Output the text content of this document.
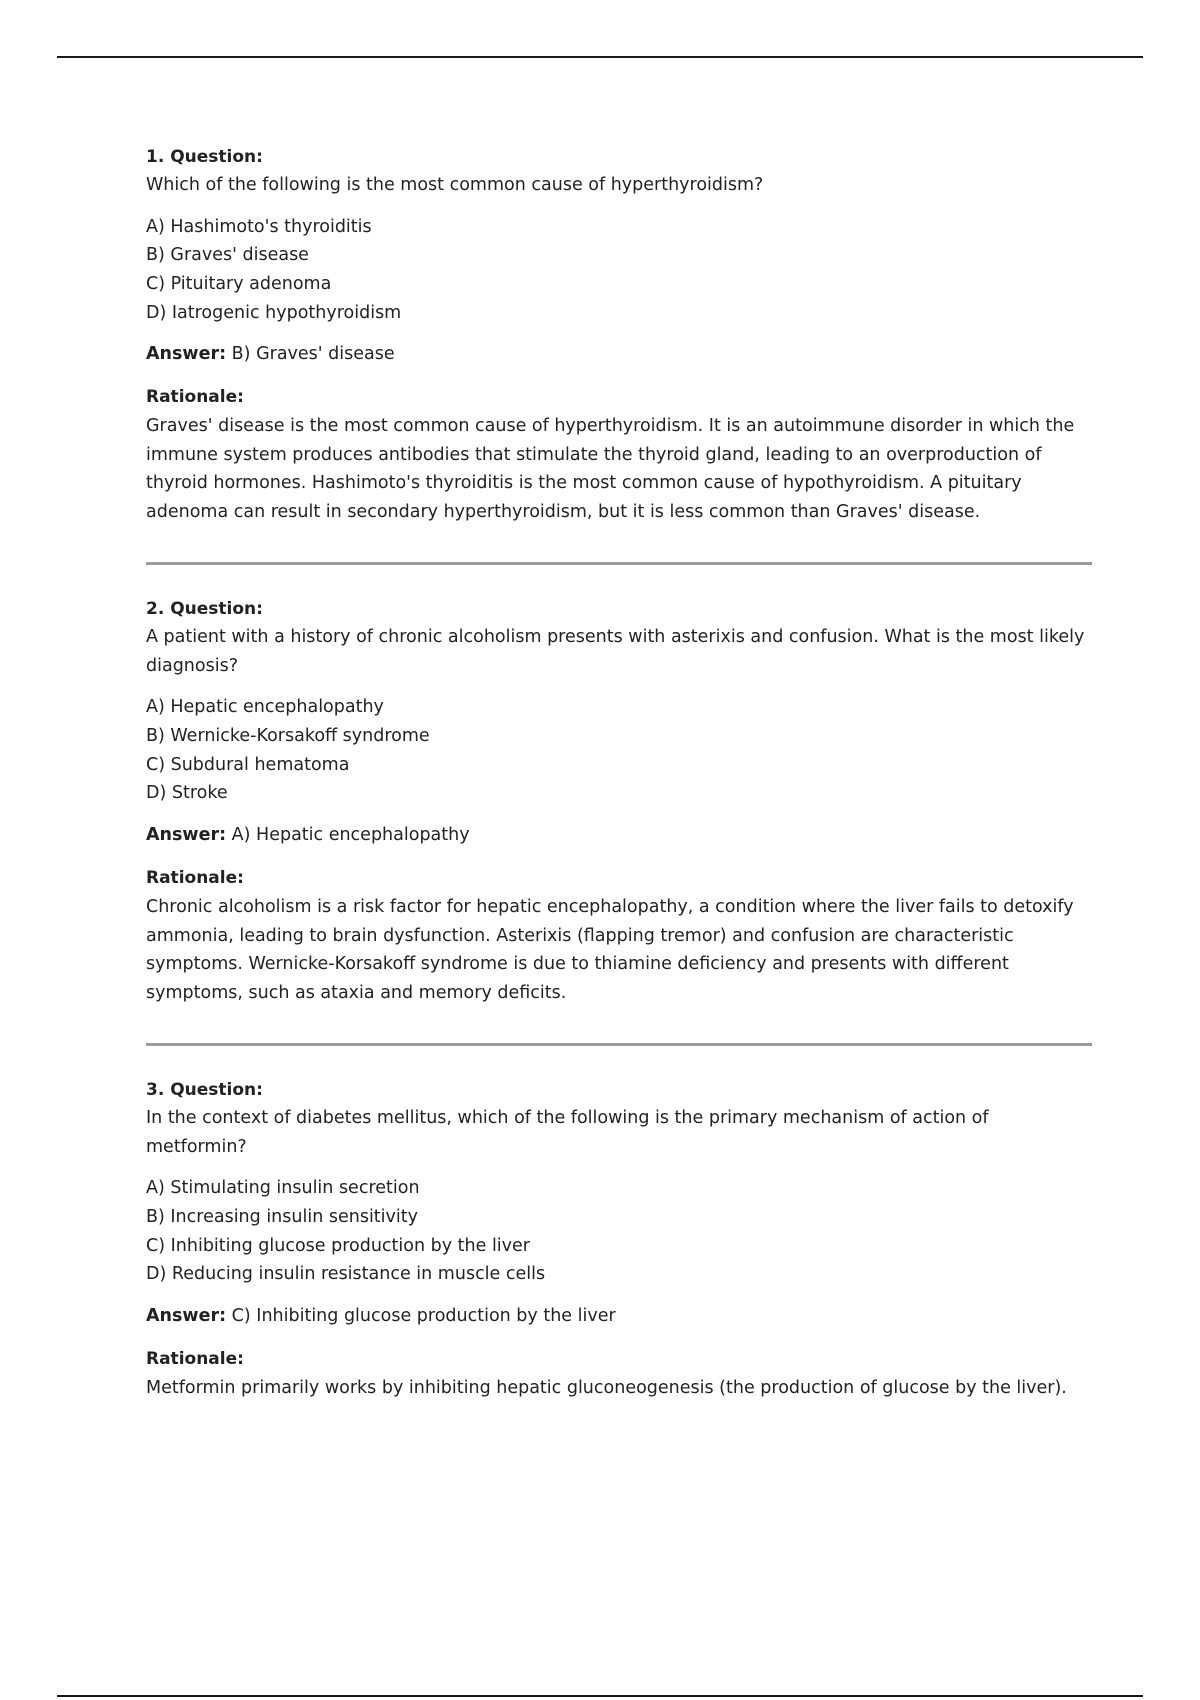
1. Question:

Which of the following is the most common cause of hyperthyroidism?

A) Hashimoto's thyroiditis
B) Graves' disease
C) Pituitary adenoma
D) Iatrogenic hypothyroidism

Answer: B) Graves' disease

Rationale:

Graves' disease is the most common cause of hyperthyroidism. It is an autoimmune disorder in which the immune system produces antibodies that stimulate the thyroid gland, leading to an overproduction of thyroid hormones. Hashimoto's thyroiditis is the most common cause of hypothyroidism. A pituitary adenoma can result in secondary hyperthyroidism, but it is less common than Graves' disease.

2. Question:

A patient with a history of chronic alcoholism presents with asterixis and confusion. What is the most likely diagnosis?

A) Hepatic encephalopathy
B) Wernicke-Korsakoff syndrome
C) Subdural hematoma
D) Stroke

Answer: A) Hepatic encephalopathy

Rationale:

Chronic alcoholism is a risk factor for hepatic encephalopathy, a condition where the liver fails to detoxify ammonia, leading to brain dysfunction. Asterixis (flapping tremor) and confusion are characteristic symptoms. Wernicke-Korsakoff syndrome is due to thiamine deficiency and presents with different symptoms, such as ataxia and memory deficits.

3. Question:

In the context of diabetes mellitus, which of the following is the primary mechanism of action of metformin?

A) Stimulating insulin secretion
B) Increasing insulin sensitivity
C) Inhibiting glucose production by the liver
D) Reducing insulin resistance in muscle cells

Answer: C) Inhibiting glucose production by the liver

Rationale:

Metformin primarily works by inhibiting hepatic gluconeogenesis (the production of glucose by the liver).
